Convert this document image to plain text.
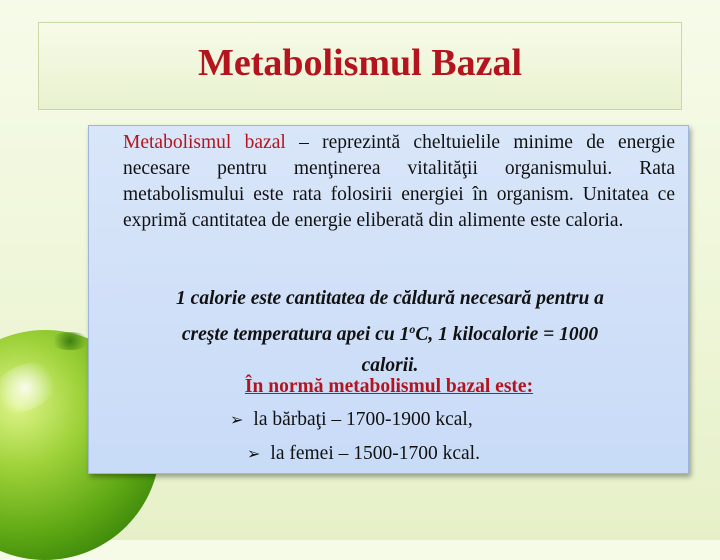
Metabolismul Bazal

Metabolismul bazal – reprezintă cheltuielile minime de energie necesare pentru menţinerea vitalităţii organismului. Rata metabolismului este rata folosirii energiei în organism. Unitatea ce exprimă cantitatea de energie eliberată din alimente este caloria.

1 calorie este cantitatea de căldură necesară pentru a
creşte temperatura apei cu 1$^o$C, 1 kilocalorie = 1000
calorii.

În normă metabolismul bazal este:

➢ la bărbaţi – 1700-1900 kcal,

➢ la femei – 1500-1700 kcal.
